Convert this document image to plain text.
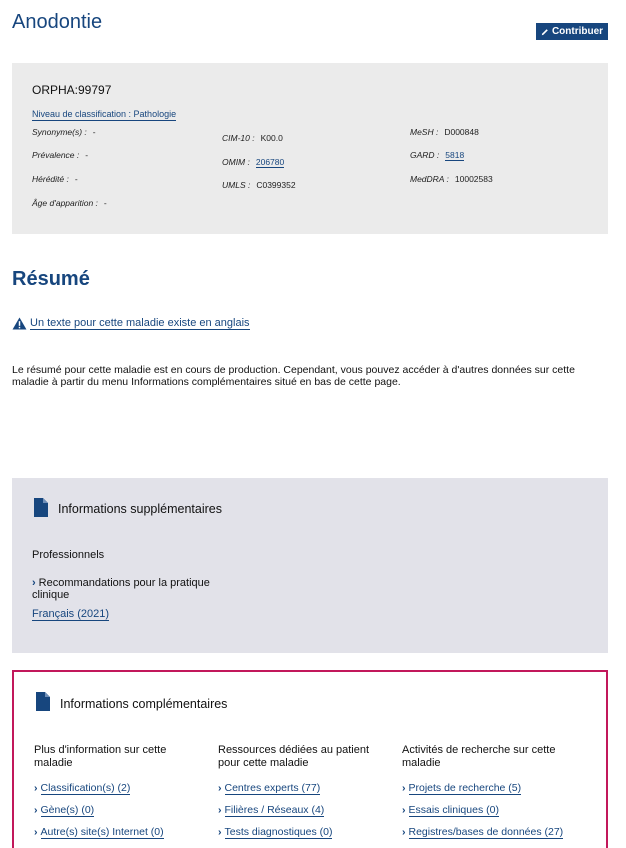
Anodontie	Contribuer
ORPHA:99797
Niveau de classification : Pathologie
Synonyme(s) : -
Prévalence : -
Hérédité : -
Âge d'apparition : -
CIM-10 : K00.0
OMIM : 206780
UMLS : C0399352
MeSH : D000848
GARD : 5818
MedDRA : 10002583
Résumé
Un texte pour cette maladie existe en anglais

Le résumé pour cette maladie est en cours de production. Cependant, vous pouvez accéder à d'autres données sur cette maladie à partir du menu Informations complémentaires situé en bas de cette page.

Informations supplémentaires
Professionnels
› Recommandations pour la pratique clinique
Français (2021)
Informations complémentaires
Plus d'information sur cette maladie
› Classification(s) (2)
› Gène(s) (0)
› Autre(s) site(s) Internet (0)
Ressources dédiées au patient pour cette maladie
› Centres experts (77)
› Filières / Réseaux (4)
› Tests diagnostiques (0)
Activités de recherche sur cette maladie
› Projets de recherche (5)
› Essais cliniques (0)
› Registres/bases de données (27)
